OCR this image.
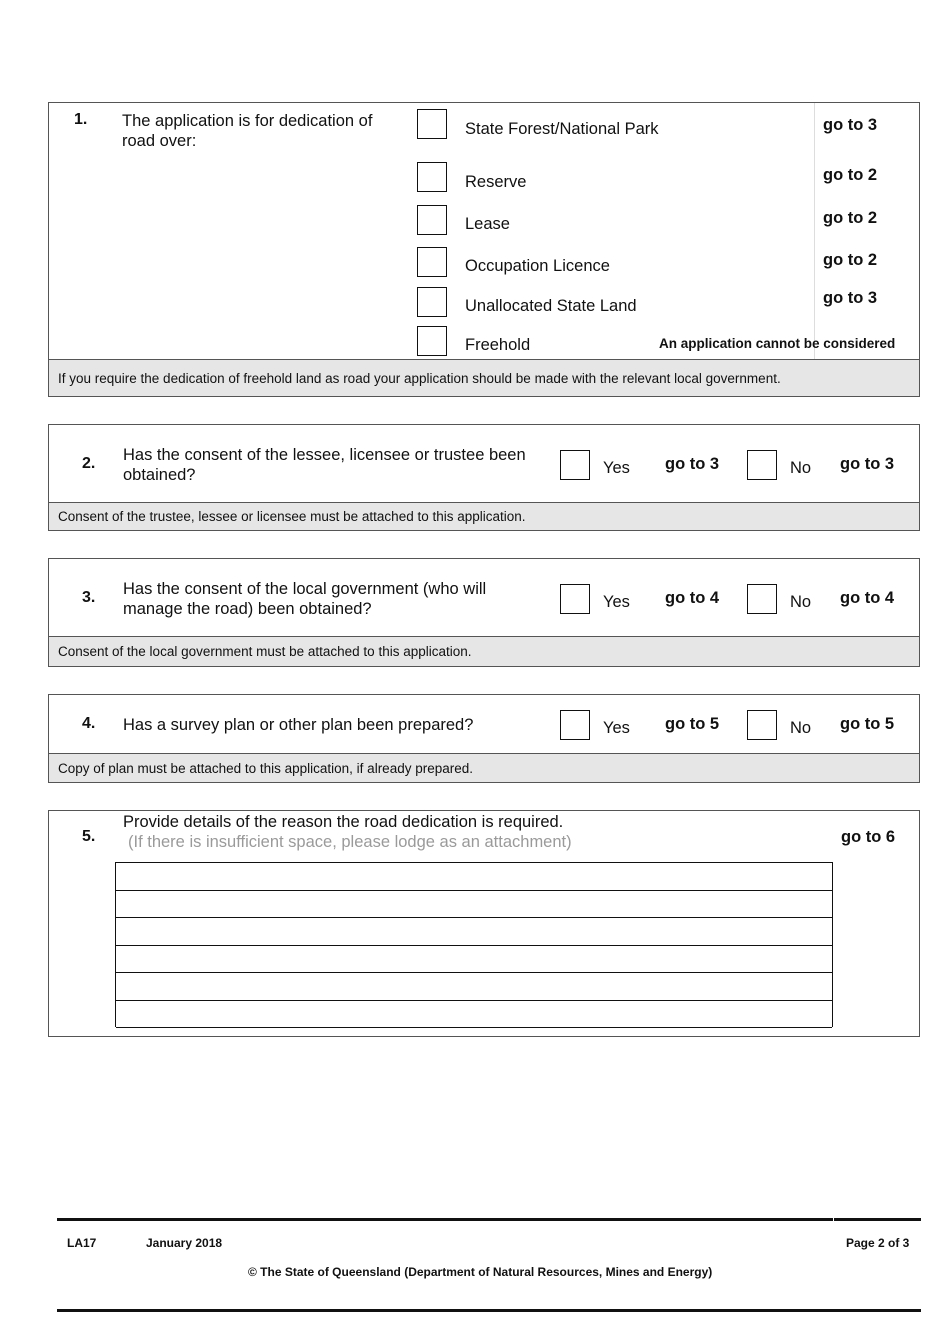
1. The application is for dedication of road over:
State Forest/National Park	go to 3
Reserve	go to 2
Lease	go to 2
Occupation Licence	go to 2
Unallocated State Land	go to 3
Freehold	An application cannot be considered
If you require the dedication of freehold land as road your application should be made with the relevant local government.
2. Has the consent of the lessee, licensee or trustee been obtained?	Yes go to 3	No go to 3
Consent of the trustee, lessee or licensee must be attached to this application.
3. Has the consent of the local government (who will manage the road) been obtained?	Yes go to 4	No go to 4
Consent of the local government must be attached to this application.
4. Has a survey plan or other plan been prepared?	Yes go to 5	No go to 5
Copy of plan must be attached to this application, if already prepared.
5.
Provide details of the reason the road dedication is required.
(If there is insufficient space, please lodge as an attachment)	go to 6
LA17	January 2018	Page 2 of 3
© The State of Queensland (Department of Natural Resources, Mines and Energy)
